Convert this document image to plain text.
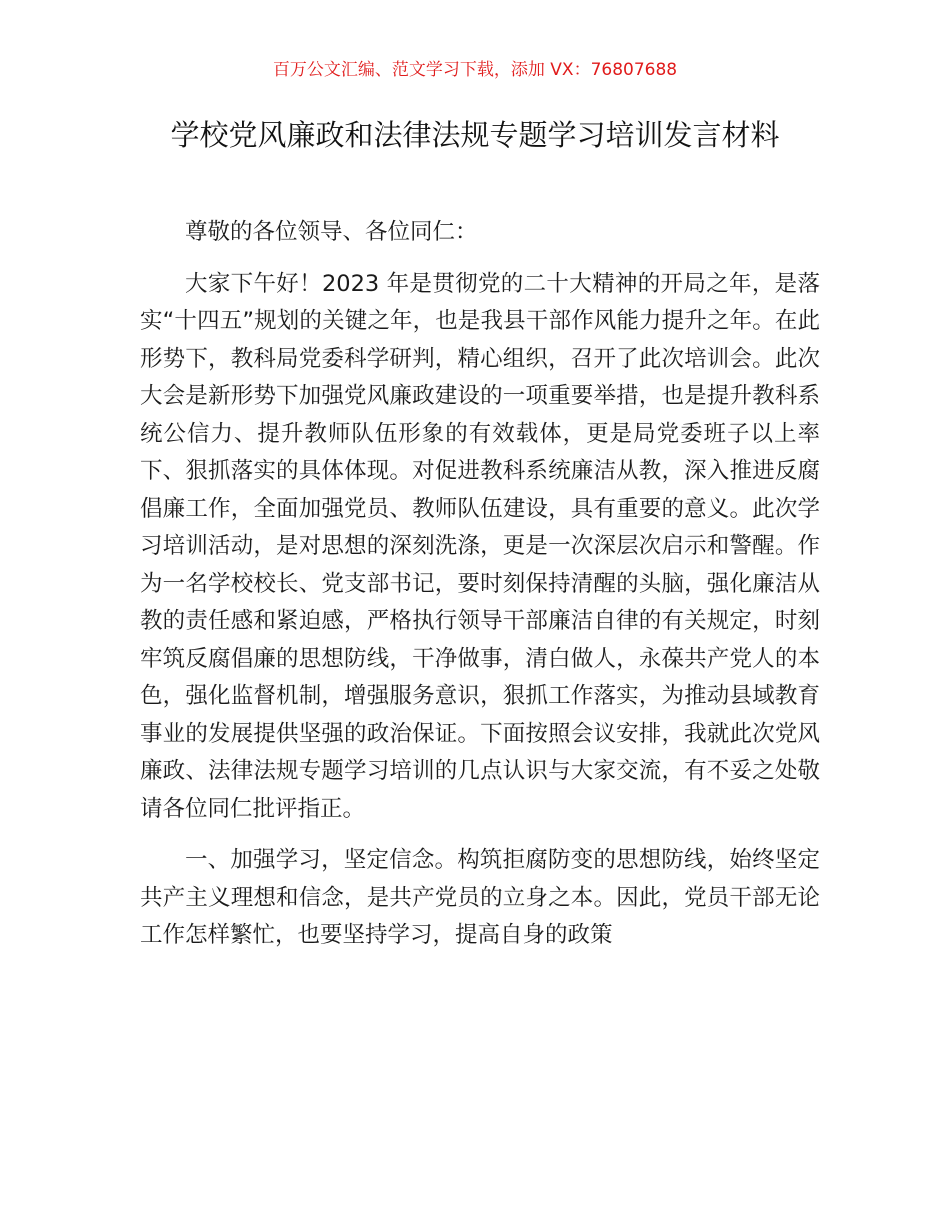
百万公文汇编、范文学习下载，添加 VX：76807688
学校党风廉政和法律法规专题学习培训发言材料

尊敬的各位领导、各位同仁：

大家下午好！2023 年是贯彻党的二十大精神的开局之年，是落实“十四五”规划的关键之年，也是我县干部作风能力提升之年。在此形势下，教科局党委科学研判，精心组织，召开了此次培训会。此次大会是新形势下加强党风廉政建设的一项重要举措，也是提升教科系统公信力、提升教师队伍形象的有效载体，更是局党委班子以上率下、狠抓落实的具体体现。对促进教科系统廉洁从教，深入推进反腐倡廉工作，全面加强党员、教师队伍建设，具有重要的意义。此次学习培训活动，是对思想的深刻洗涤，更是一次深层次启示和警醒。作为一名学校校长、党支部书记，要时刻保持清醒的头脑，强化廉洁从教的责任感和紧迫感，严格执行领导干部廉洁自律的有关规定，时刻牢筑反腐倡廉的思想防线，干净做事，清白做人，永葆共产党人的本色，强化监督机制，增强服务意识，狠抓工作落实，为推动县域教育事业的发展提供坚强的政治保证。下面按照会议安排，我就此次党风廉政、法律法规专题学习培训的几点认识与大家交流，有不妥之处敬请各位同仁批评指正。

一、加强学习，坚定信念。构筑拒腐防变的思想防线，始终坚定共产主义理想和信念，是共产党员的立身之本。因此，党员干部无论工作怎样繁忙，也要坚持学习，提高自身的政策
